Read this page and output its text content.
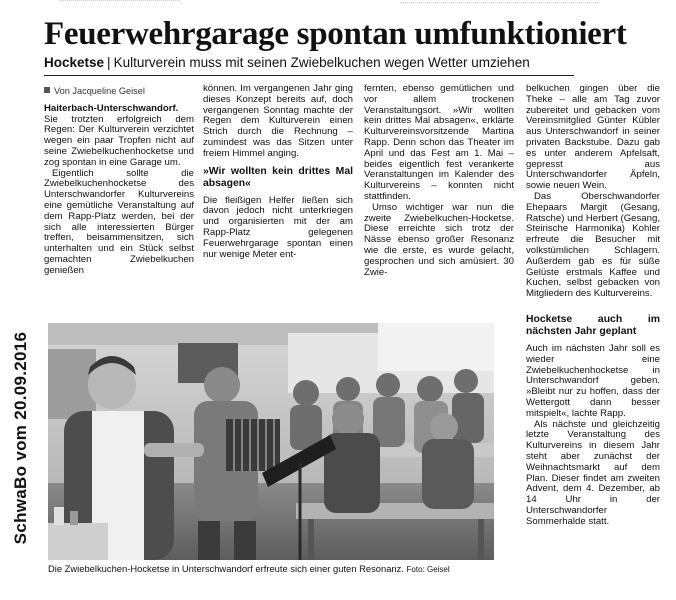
Feuerwehrgarage spontan umfunktioniert
Hocketse | Kulturverein muss mit seinen Zwiebelkuchen wegen Wetter umziehen

Von Jacqueline Geisel

Haiterbach-Unterschwandorf. Sie trotzten erfolgreich dem Regen: Der Kulturverein verzichtet wegen ein paar Tropfen nicht auf seine Zwiebelkuchenhocketse und zog spontan in eine Garage um.

Eigentlich sollte die Zwiebelkuchenhocketse des Unterschwandorfer Kulturvereins eine gemütliche Veranstaltung auf dem Rapp-Platz werden, bei der sich alle interessierten Bürger treffen, beisammensitzen, sich unterhalten und ein Stück selbst gemachten Zwiebelkuchen genießen

können. Im vergangenen Jahr ging dieses Konzept bereits auf, doch vergangenen Sonntag machte der Regen dem Kulturverein einen Strich durch die Rechnung – zumindest was das Sitzen unter freiem Himmel anging.

»Wir wollten kein drittes Mal absagen«

Die fleißigen Helfer ließen sich davon jedoch nicht unterkriegen und organisierten mit der am Rapp-Platz gelegenen Feuerwehrgarage spontan einen nur wenige Meter ent-

fernten, ebenso gemütlichen und vor allem trockenen Veranstaltungsort. »Wir wollten kein drittes Mal absagen«, erklärte Kulturvereinsvorsitzende Martina Rapp. Denn schon das Theater im April und das Fest am 1. Mai – beides eigentlich fest verankerte Veranstaltungen im Kalender des Kulturvereins – konnten nicht stattfinden.

Umso wichtiger war nun die zweite Zwiebelkuchen-Hocketse. Diese erreichte sich trotz der Nässe ebenso großer Resonanz wie die erste, es wurde gelacht, gesprochen und sich amüsiert. 30 Zwie-

belkuchen gingen über die Theke – alle am Tag zuvor zubereitet und gebacken vom Vereinsmitglied Günter Kübler aus Unterschwandorf in seiner privaten Backstube. Dazu gab es unter anderem Apfelsaft, gepresst aus Unterschwandorfer Äpfeln, sowie neuen Wein.

Das Oberschwandorfer Ehepaars Margit (Gesang, Ratsche) und Herbert (Gesang, Steirische Harmonika) Kohler erfreute die Besucher mit volkstümlichen Schlagern. Außerdem gab es für süße Gelüste erstmals Kaffee und Kuchen, selbst gebacken von Mitgliedern des Kulturvereins.

Hocketse auch im nächsten Jahr geplant

Auch im nächsten Jahr soll es wieder eine Zwiebelkuchenhocketse in Unterschwandorf geben. »Bleibt nur zu hoffen, dass der Wettergott dann besser mitspielt«, lachte Rapp.

Als nächste und gleichzeitig letzte Veranstaltung des Kulturvereins in diesem Jahr steht aber zunächst der Weihnachtsmarkt auf dem Plan. Dieser findet am zweiten Advent, dem 4. Dezember, ab 14 Uhr in der Unterschwandorfer Sommerhalde statt.

Die Zwiebelkuchen-Hocketse in Unterschwandorf erfreute sich einer guten Resonanz. Foto: Geisel
SchwaBo vom 20.09.2016
